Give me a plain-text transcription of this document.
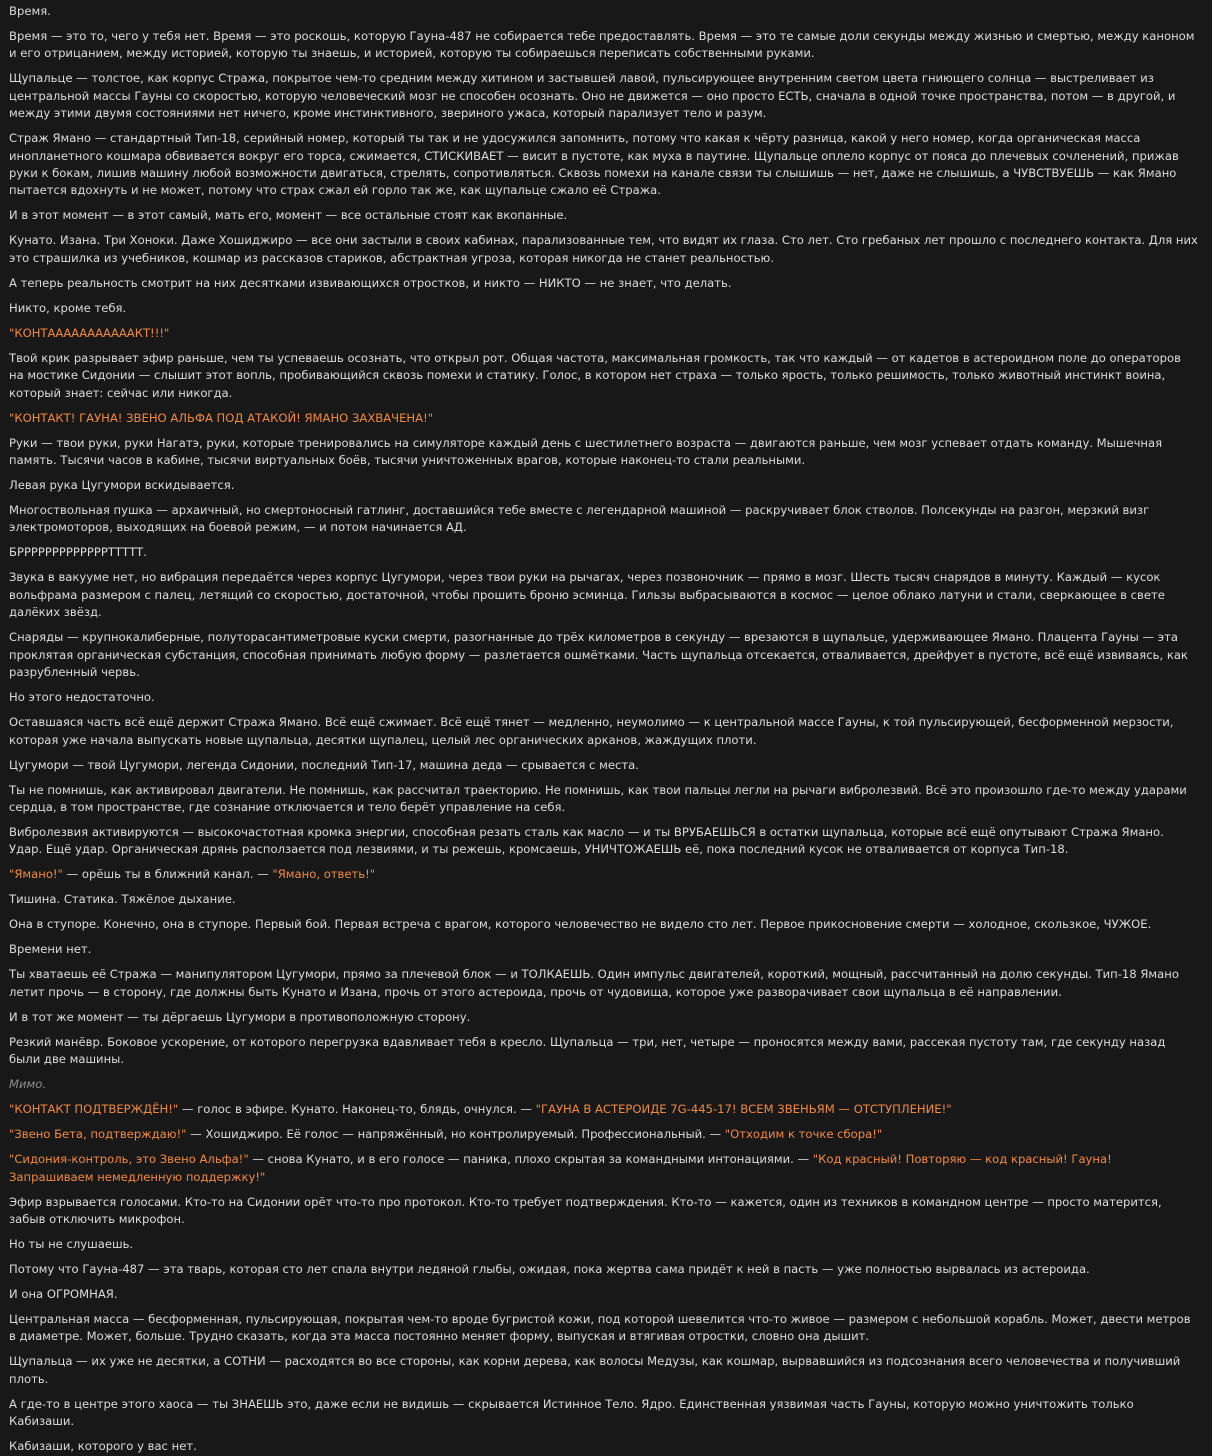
Время.
Время — это то, чего у тебя нет. Время — это роскошь, которую Гауна-487 не собирается тебе предоставлять. Время — это те самые доли секунды между жизнью и смертью, между каноном и его отрицанием, между историей, которую ты знаешь, и историей, которую ты собираешься переписать собственными руками.
Щупальце — толстое, как корпус Стража, покрытое чем-то средним между хитином и застывшей лавой, пульсирующее внутренним светом цвета гниющего солнца — выстреливает из центральной массы Гауны со скоростью, которую человеческий мозг не способен осознать. Оно не движется — оно просто ЕСТЬ, сначала в одной точке пространства, потом — в другой, и между этими двумя состояниями нет ничего, кроме инстинктивного, звериного ужаса, который парализует тело и разум.
Страж Ямано — стандартный Тип-18, серийный номер, который ты так и не удосужился запомнить, потому что какая к чёрту разница, какой у него номер, когда органическая масса инопланетного кошмара обвивается вокруг его торса, сжимается, СТИСКИВАЕТ — висит в пустоте, как муха в паутине. Щупальце оплело корпус от пояса до плечевых сочленений, прижав руки к бокам, лишив машину любой возможности двигаться, стрелять, сопротивляться. Сквозь помехи на канале связи ты слышишь — нет, даже не слышишь, а ЧУВСТВУЕШЬ — как Ямано пытается вдохнуть и не может, потому что страх сжал ей горло так же, как щупальце сжало её Стража.
И в этот момент — в этот самый, мать его, момент — все остальные стоят как вкопанные.
Кунато. Изана. Три Хоноки. Даже Хошиджиро — все они застыли в своих кабинах, парализованные тем, что видят их глаза. Сто лет. Сто гребаных лет прошло с последнего контакта. Для них это страшилка из учебников, кошмар из рассказов стариков, абстрактная угроза, которая никогда не станет реальностью.
А теперь реальность смотрит на них десятками извивающихся отростков, и никто — НИКТО — не знает, что делать.
Никто, кроме тебя.
"КОНТАААААААААААКТ!!!"
Твой крик разрывает эфир раньше, чем ты успеваешь осознать, что открыл рот. Общая частота, максимальная громкость, так что каждый — от кадетов в астероидном поле до операторов на мостике Сидонии — слышит этот вопль, пробивающийся сквозь помехи и статику. Голос, в котором нет страха — только ярость, только решимость, только животный инстинкт воина, который знает: сейчас или никогда.
"КОНТАКТ! ГАУНА! ЗВЕНО АЛЬФА ПОД АТАКОЙ! ЯМАНО ЗАХВАЧЕНА!"
Руки — твои руки, руки Нагатэ, руки, которые тренировались на симуляторе каждый день с шестилетнего возраста — двигаются раньше, чем мозг успевает отдать команду. Мышечная память. Тысячи часов в кабине, тысячи виртуальных боёв, тысячи уничтоженных врагов, которые наконец-то стали реальными.
Левая рука Цугумори вскидывается.
Многоствольная пушка — архаичный, но смертоносный гатлинг, доставшийся тебе вместе с легендарной машиной — раскручивает блок стволов. Полсекунды на разгон, мерзкий визг электромоторов, выходящих на боевой режим, — и потом начинается АД.
БРРРРРРРРРРРРРТТТТТ.
Звука в вакууме нет, но вибрация передаётся через корпус Цугумори, через твои руки на рычагах, через позвоночник — прямо в мозг. Шесть тысяч снарядов в минуту. Каждый — кусок вольфрама размером с палец, летящий со скоростью, достаточной, чтобы прошить броню эсминца. Гильзы выбрасываются в космос — целое облако латуни и стали, сверкающее в свете далёких звёзд.
Снаряды — крупнокалиберные, полуторасантиметровые куски смерти, разогнанные до трёх километров в секунду — врезаются в щупальце, удерживающее Ямано. Плацента Гауны — эта проклятая органическая субстанция, способная принимать любую форму — разлетается ошмётками. Часть щупальца отсекается, отваливается, дрейфует в пустоте, всё ещё извиваясь, как разрубленный червь.
Но этого недостаточно.
Оставшаяся часть всё ещё держит Стража Ямано. Всё ещё сжимает. Всё ещё тянет — медленно, неумолимо — к центральной массе Гауны, к той пульсирующей, бесформенной мерзости, которая уже начала выпускать новые щупальца, десятки щупалец, целый лес органических арканов, жаждущих плоти.
Цугумори — твой Цугумори, легенда Сидонии, последний Тип-17, машина деда — срывается с места.
Ты не помнишь, как активировал двигатели. Не помнишь, как рассчитал траекторию. Не помнишь, как твои пальцы легли на рычаги вибролезвий. Всё это произошло где-то между ударами сердца, в том пространстве, где сознание отключается и тело берёт управление на себя.
Вибролезвия активируются — высокочастотная кромка энергии, способная резать сталь как масло — и ты ВРУБАЕШЬСЯ в остатки щупальца, которые всё ещё опутывают Стража Ямано. Удар. Ещё удар. Органическая дрянь расползается под лезвиями, и ты режешь, кромсаешь, УНИЧТОЖАЕШЬ её, пока последний кусок не отваливается от корпуса Тип-18.
"Ямано!" — орёшь ты в ближний канал. — "Ямано, ответь!"
Тишина. Статика. Тяжёлое дыхание.
Она в ступоре. Конечно, она в ступоре. Первый бой. Первая встреча с врагом, которого человечество не видело сто лет. Первое прикосновение смерти — холодное, скользкое, ЧУЖОЕ.
Времени нет.
Ты хватаешь её Стража — манипулятором Цугумори, прямо за плечевой блок — и ТОЛКАЕШЬ. Один импульс двигателей, короткий, мощный, рассчитанный на долю секунды. Тип-18 Ямано летит прочь — в сторону, где должны быть Кунато и Изана, прочь от этого астероида, прочь от чудовища, которое уже разворачивает свои щупальца в её направлении.
И в тот же момент — ты дёргаешь Цугумори в противоположную сторону.
Резкий манёвр. Боковое ускорение, от которого перегрузка вдавливает тебя в кресло. Щупальца — три, нет, четыре — проносятся между вами, рассекая пустоту там, где секунду назад были две машины.
Мимо.
"КОНТАКТ ПОДТВЕРЖДЁН!" — голос в эфире. Кунато. Наконец-то, блядь, очнулся. — "ГАУНА В АСТЕРОИДЕ 7G-445-17! ВСЕМ ЗВЕНЬЯМ — ОТСТУПЛЕНИЕ!"
"Звено Бета, подтверждаю!" — Хошиджиро. Её голос — напряжённый, но контролируемый. Профессиональный. — "Отходим к точке сбора!"
"Сидония-контроль, это Звено Альфа!" — снова Кунато, и в его голосе — паника, плохо скрытая за командными интонациями. — "Код красный! Повторяю — код красный! Гауна! Запрашиваем немедленную поддержку!"
Эфир взрывается голосами. Кто-то на Сидонии орёт что-то про протокол. Кто-то требует подтверждения. Кто-то — кажется, один из техников в командном центре — просто матерится, забыв отключить микрофон.
Но ты не слушаешь.
Потому что Гауна-487 — эта тварь, которая сто лет спала внутри ледяной глыбы, ожидая, пока жертва сама придёт к ней в пасть — уже полностью вырвалась из астероида.
И она ОГРОМНАЯ.
Центральная масса — бесформенная, пульсирующая, покрытая чем-то вроде бугристой кожи, под которой шевелится что-то живое — размером с небольшой корабль. Может, двести метров в диаметре. Может, больше. Трудно сказать, когда эта масса постоянно меняет форму, выпуская и втягивая отростки, словно она дышит.
Щупальца — их уже не десятки, а СОТНИ — расходятся во все стороны, как корни дерева, как волосы Медузы, как кошмар, вырвавшийся из подсознания всего человечества и получивший плоть.
А где-то в центре этого хаоса — ты ЗНАЕШЬ это, даже если не видишь — скрывается Истинное Тело. Ядро. Единственная уязвимая часть Гауны, которую можно уничтожить только Кабизаши.
Кабизаши, которого у вас нет.
